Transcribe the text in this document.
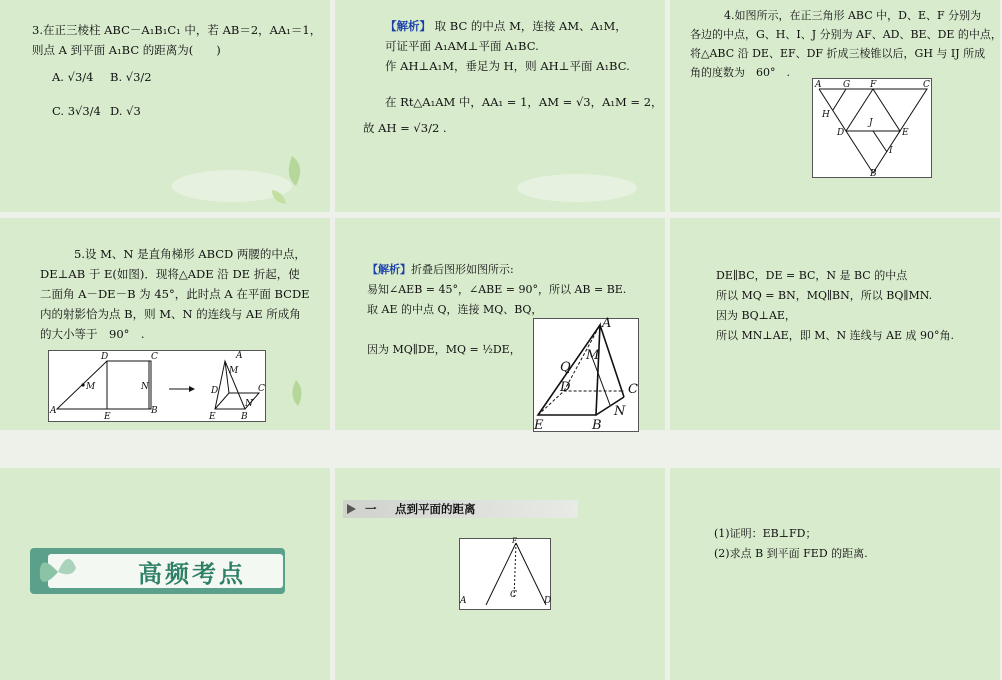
3.在正三棱柱 ABC－A₁B₁C₁ 中，若 AB＝2，AA₁＝1，

则点 A 到平面 A₁BC 的距离为(　　)

A. √3/4 B. √3/2
C. 3√3/4 D. √3

【解析】 取 BC 的中点 M，连接 AM、A₁M，

可证平面 A₁AM⊥平面 A₁BC.

作 AH⊥A₁M，垂足为 H，则 AH⊥平面 A₁BC.

在 Rt△A₁AM 中，AA₁ = 1，AM = √3，A₁M = 2，
故 AH = √3/2 .

4.如图所示，在正三角形 ABC 中，D、E、F 分别为

各边的中点，G、H、I、J 分别为 AF、AD、BE、DE 的中点，

将△ABC 沿 DE、EF、DF 折成三棱锥以后，GH 与 IJ 所成

角的度数为　60°　.

A G F	C
H
J
D	E
I
B

5.设 M、N 是直角梯形 ABCD 两腰的中点，

DE⊥AB 于 E(如图)．现将△ADE 沿 DE 折起，使

二面角 A－DE－B 为 45°，此时点 A 在平面 BCDE

内的射影恰为点 B，则 M、N 的连线与 AE 所成角

的大小等于　90°　.

D	C
M	N
A
E
B
A
M
D	C
N
E	B

【解析】折叠后图形如图所示:

易知∠AEB = 45°，∠ABE = 90°，所以 AB = BE.

取 AE 的中点 Q，连接 MQ、BQ，

因为 MQ∥DE，MQ = ½DE，
A
M
Q
D	C
N
E	B

DE∥BC，DE = BC，N 是 BC 的中点

所以 MQ = BN，MQ∥BN，所以 BQ∥MN.

因为 BQ⊥AE，

所以 MN⊥AE，即 M、N 连线与 AE 成 90°角.

高频考点
一 点到平面的距离
F
A
C
D

(1)证明：EB⊥FD；

(2)求点 B 到平面 FED 的距离.
